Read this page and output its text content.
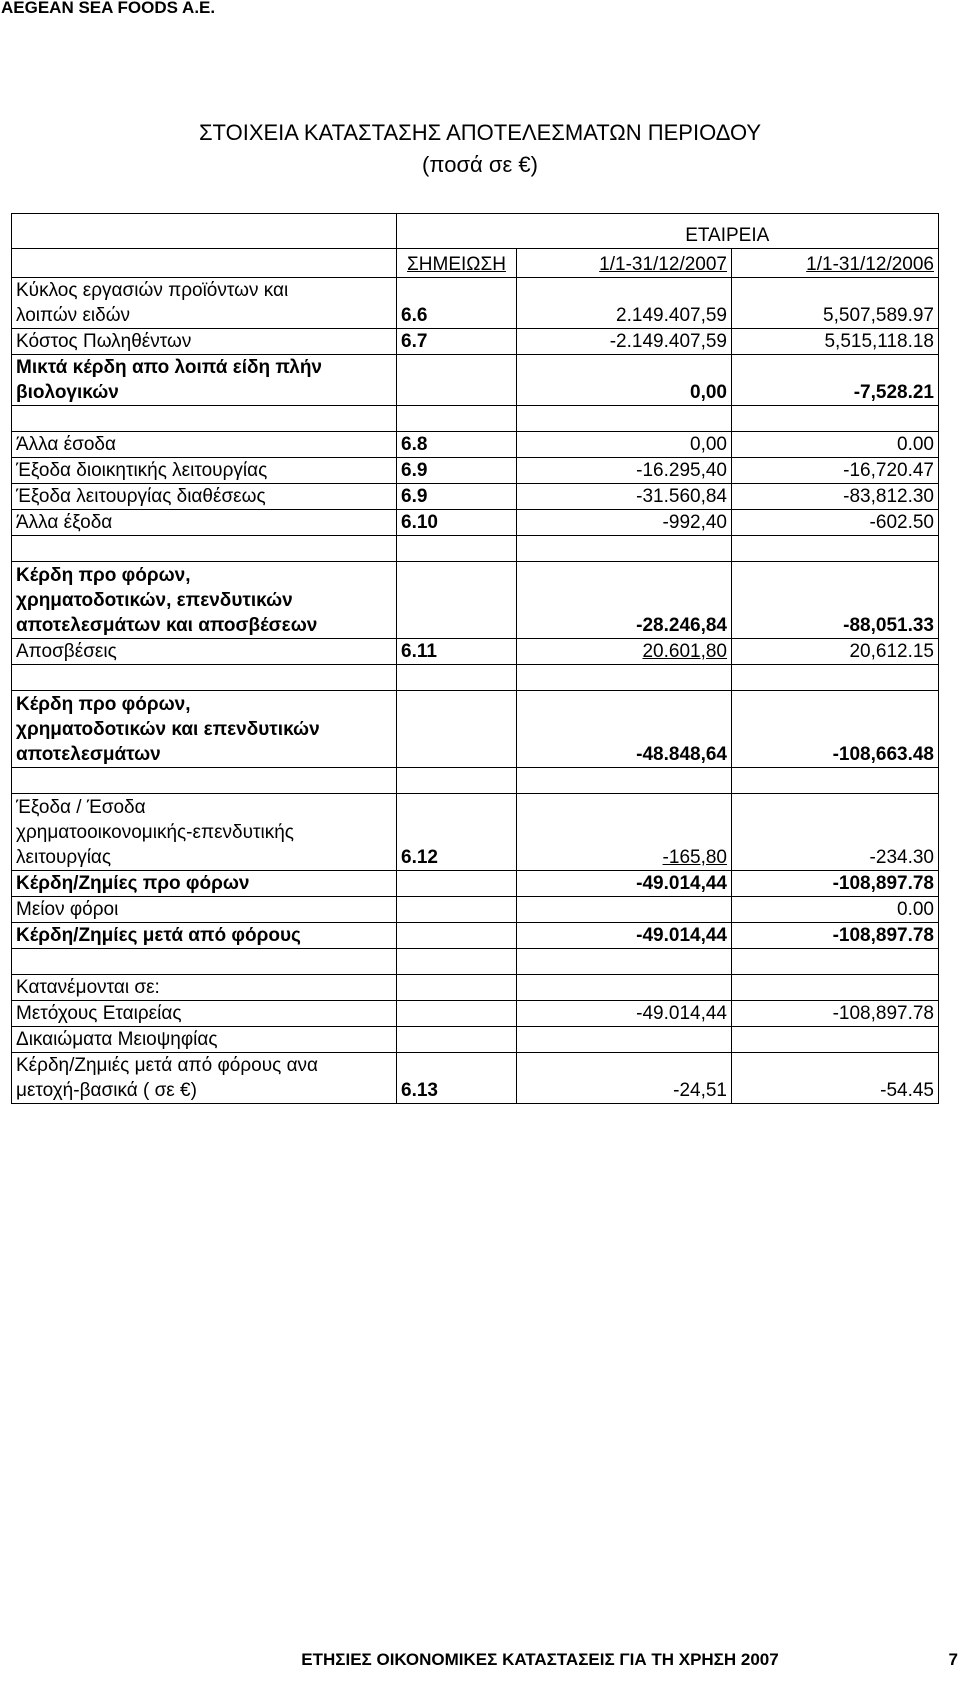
AEGEAN SEA FOODS A.E.
ΣΤΟΙΧΕΙΑ ΚΑΤΑΣΤΑΣΗΣ ΑΠΟΤΕΛΕΣΜΑΤΩΝ ΠΕΡΙΟΔΟΥ
(ποσά σε €)
		ΕΤΑΙΡΕΙΑ	
	ΣΗΜΕΙΩΣΗ	1/1-31/12/2007	1/1-31/12/2006

Κύκλος εργασιών προϊόντων και
λοιπών ειδών	6.6	2.149.407,59	5,507,589.97
Κόστος Πωληθέντων	6.7	-2.149.407,59	5,515,118.18

Μικτά κέρδη απο λοιπά είδη πλήν
βιολογικών		0,00	-7,528.21

Άλλα έσοδα	6.8	0,00	0.00
Έξοδα διοικητικής λειτουργίας	6.9	-16.295,40	-16,720.47
Έξοδα λειτουργίας διαθέσεως	6.9	-31.560,84	-83,812.30
Άλλα έξοδα	6.10	-992,40	-602.50

Κέρδη προ φόρων,
χρηματοδοτικών, επενδυτικών
αποτελεσμάτων και αποσβέσεων		-28.246,84	-88,051.33
Αποσβέσεις	6.11	20.601,80	20,612.15

Κέρδη προ φόρων,
χρηματοδοτικών και επενδυτικών
αποτελεσμάτων		-48.848,64	-108,663.48

Έξοδα / Έσοδα
χρηματοοικονομικής-επενδυτικής
λειτουργίας	6.12	-165,80	-234.30
Κέρδη/Ζημίες προ φόρων		-49.014,44	-108,897.78
Μείον φόροι			0.00
Κέρδη/Ζημίες μετά από φόρους		-49.014,44	-108,897.78

Κατανέμονται σε:			
Μετόχους Εταιρείας		-49.014,44	-108,897.78
Δικαιώματα Μειοψηφίας			

Κέρδη/Ζημιές μετά από φόρους ανα
μετοχή-βασικά ( σε €)	6.13	-24,51	-54.45
ΕΤΗΣΙΕΣ ΟΙΚΟΝΟΜΙΚΕΣ ΚΑΤΑΣΤΑΣΕΙΣ ΓΙΑ ΤΗ ΧΡΗΣΗ 2007	7
